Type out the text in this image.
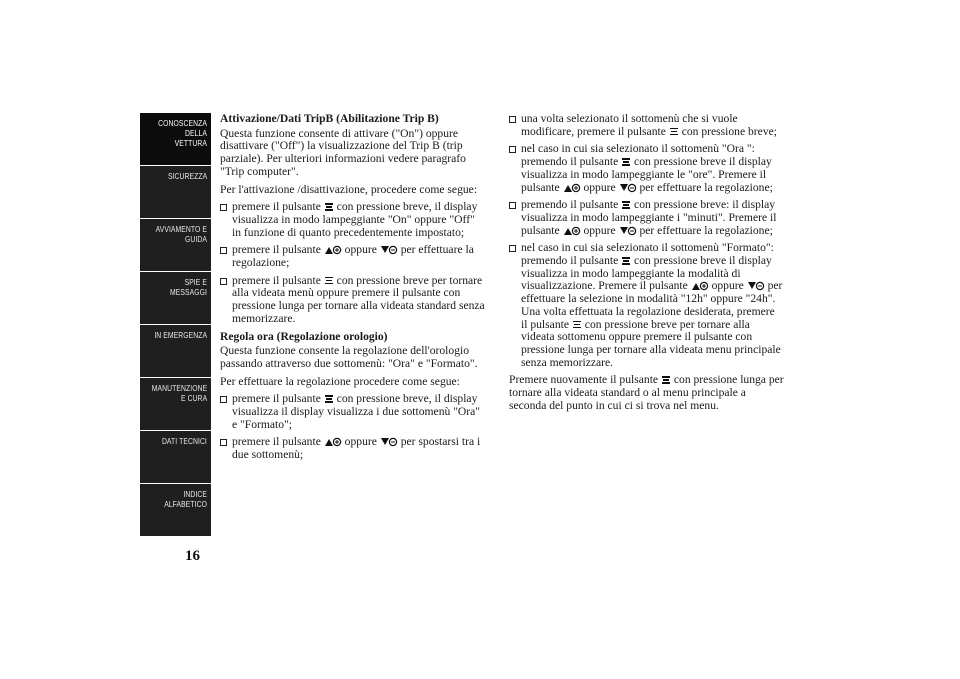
CONOSCENZA DELLA VETTURA
SICUREZZA
AVVIAMENTO E GUIDA
SPIE E MESSAGGI
IN EMERGENZA
MANUTENZIONE E CURA
DATI TECNICI
INDICE ALFABETICO
16
Attivazione/Dati TripB (Abilitazione Trip B)
Questa funzione consente di attivare ("On") oppure disattivare ("Off") la visualizzazione del Trip B (trip parziale). Per ulteriori informazioni vedere paragrafo "Trip computer".
Per l'attivazione /disattivazione, procedere come segue:
premere il pulsante con pressione breve, il display visualizza in modo lampeggiante "On" oppure "Off" in funzione di quanto precedentemente impostato;
premere il pulsante oppure per effettuare la regolazione;
premere il pulsante con pressione breve per tornare alla videata menù oppure premere il pulsante con pressione lunga per tornare alla videata standard senza memorizzare.
Regola ora (Regolazione orologio)
Questa funzione consente la regolazione dell'orologio passando attraverso due sottomenù: "Ora" e "Formato".
Per effettuare la regolazione procedere come segue:
premere il pulsante con pressione breve, il display visualizza il display visualizza i due sottomenù "Ora" e "Formato";
premere il pulsante oppure per spostarsi tra i due sottomenù;
una volta selezionato il sottomenù che si vuole modificare, premere il pulsante con pressione breve;
nel caso in cui sia selezionato il sottomenù "Ora ": premendo il pulsante con pressione breve il display visualizza in modo lampeggiante le "ore". Premere il pulsante oppure per effettuare la regolazione;
premendo il pulsante con pressione breve: il display visualizza in modo lampeggiante i "minuti". Premere il pulsante oppure per effettuare la regolazione;
nel caso in cui sia selezionato il sottomenù "Formato": premendo il pulsante con pressione breve il display visualizza in modo lampeggiante la modalità di visualizzazione. Premere il pulsante oppure per effettuare la selezione in modalità "12h" oppure "24h". Una volta effettuata la regolazione desiderata, premere il pulsante con pressione breve per tornare alla videata sottomenu oppure premere il pulsante con pressione lunga per tornare alla videata menu principale senza memorizzare.
Premere nuovamente il pulsante con pressione lunga per tornare alla videata standard o al menu principale a seconda del punto in cui ci si trova nel menu.
